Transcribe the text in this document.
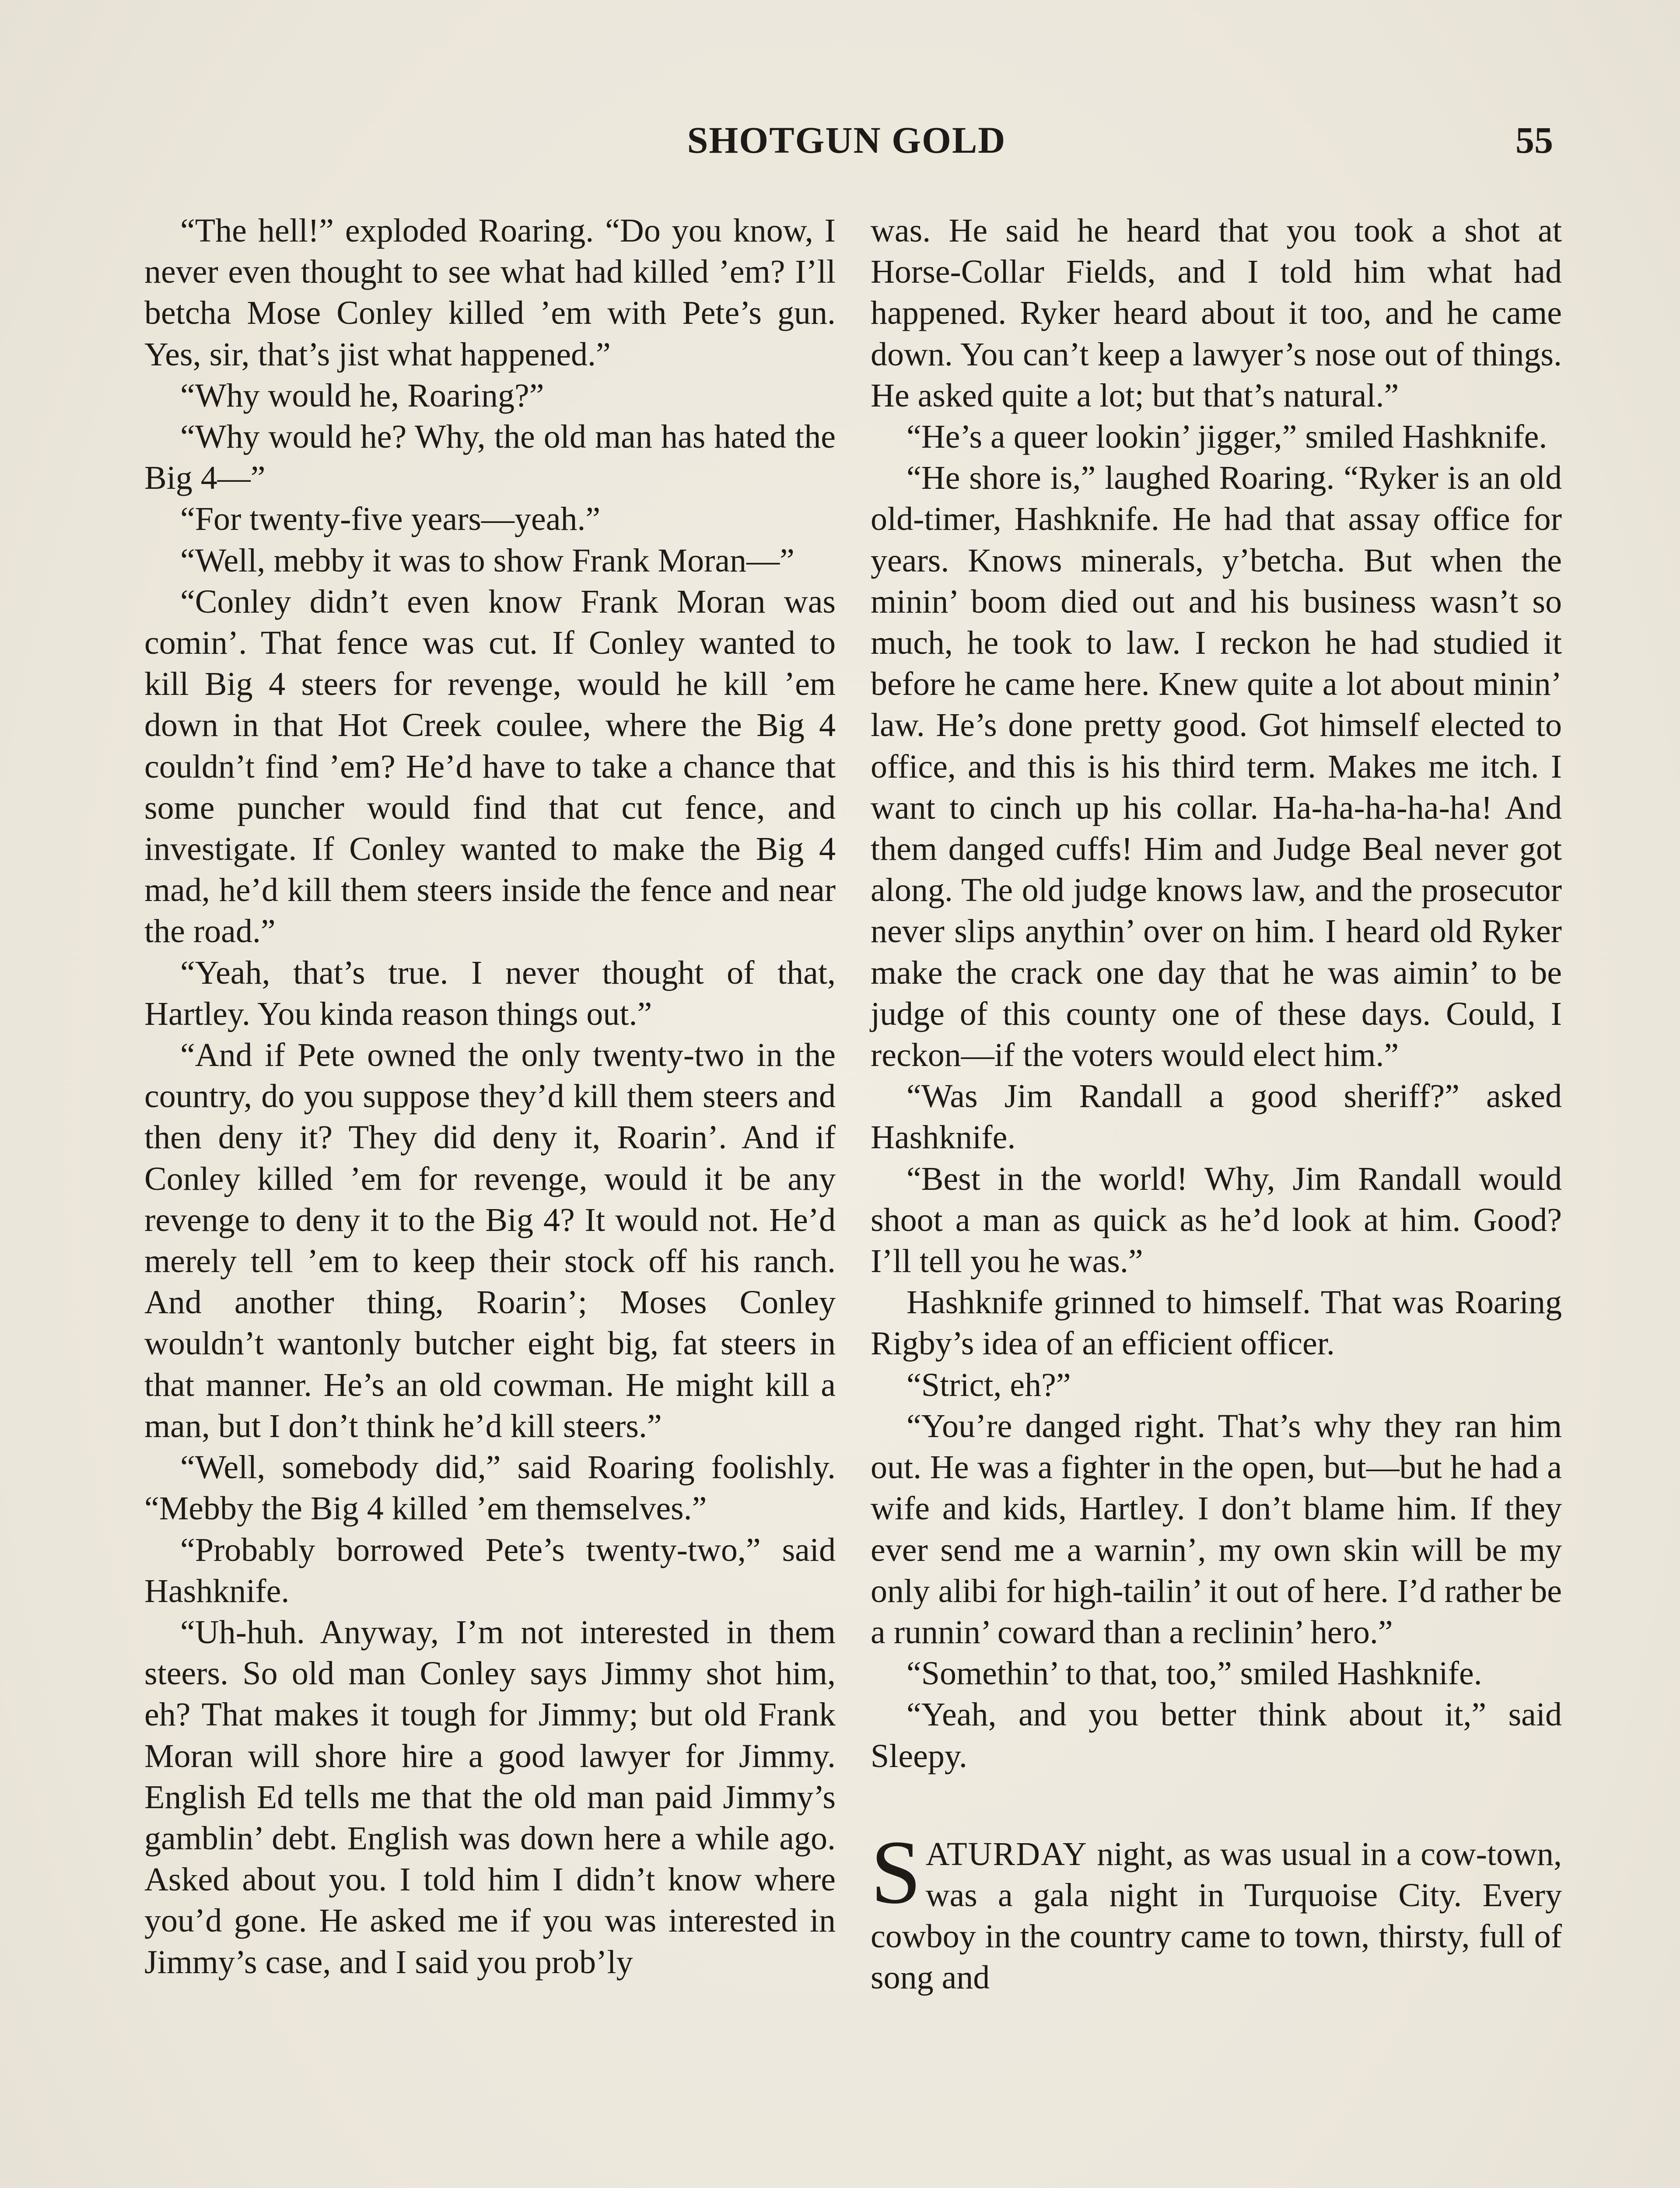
SHOTGUN GOLD	55

“The hell!” exploded Roaring. “Do you know, I never even thought to see what had killed ’em? I’ll betcha Mose Conley killed ’em with Pete’s gun. Yes, sir, that’s jist what happened.”

“Why would he, Roaring?”

“Why would he? Why, the old man has hated the Big 4—”

“For twenty-five years—yeah.”

“Well, mebby it was to show Frank Moran—”

“Conley didn’t even know Frank Moran was comin’. That fence was cut. If Conley wanted to kill Big 4 steers for revenge, would he kill ’em down in that Hot Creek coulee, where the Big 4 couldn’t find ’em? He’d have to take a chance that some puncher would find that cut fence, and investigate. If Conley wanted to make the Big 4 mad, he’d kill them steers inside the fence and near the road.”

“Yeah, that’s true. I never thought of that, Hartley. You kinda reason things out.”

“And if Pete owned the only twenty-two in the country, do you suppose they’d kill them steers and then deny it? They did deny it, Roarin’. And if Conley killed ’em for revenge, would it be any revenge to deny it to the Big 4? It would not. He’d merely tell ’em to keep their stock off his ranch. And another thing, Roarin’; Moses Conley wouldn’t wantonly butcher eight big, fat steers in that manner. He’s an old cowman. He might kill a man, but I don’t think he’d kill steers.”

“Well, somebody did,” said Roaring foolishly. “Mebby the Big 4 killed ’em themselves.”

“Probably borrowed Pete’s twenty-two,” said Hashknife.

“Uh-huh. Anyway, I’m not interested in them steers. So old man Conley says Jimmy shot him, eh? That makes it tough for Jimmy; but old Frank Moran will shore hire a good lawyer for Jimmy. English Ed tells me that the old man paid Jimmy’s gamblin’ debt. English was down here a while ago. Asked about you. I told him I didn’t know where you’d gone. He asked me if you was interested in Jimmy’s case, and I said you prob’ly

was. He said he heard that you took a shot at Horse-Collar Fields, and I told him what had happened. Ryker heard about it too, and he came down. You can’t keep a lawyer’s nose out of things. He asked quite a lot; but that’s natural.”

“He’s a queer lookin’ jigger,” smiled Hashknife.

“He shore is,” laughed Roaring. “Ryker is an old old-timer, Hashknife. He had that assay office for years. Knows minerals, y’betcha. But when the minin’ boom died out and his business wasn’t so much, he took to law. I reckon he had studied it before he came here. Knew quite a lot about minin’ law. He’s done pretty good. Got himself elected to office, and this is his third term. Makes me itch. I want to cinch up his collar. Ha-ha-ha-ha-ha! And them danged cuffs! Him and Judge Beal never got along. The old judge knows law, and the prosecutor never slips anythin’ over on him. I heard old Ryker make the crack one day that he was aimin’ to be judge of this county one of these days. Could, I reckon—if the voters would elect him.”

“Was Jim Randall a good sheriff?” asked Hashknife.

“Best in the world! Why, Jim Randall would shoot a man as quick as he’d look at him. Good? I’ll tell you he was.”

Hashknife grinned to himself. That was Roaring Rigby’s idea of an efficient officer.

“Strict, eh?”

“You’re danged right. That’s why they ran him out. He was a fighter in the open, but—but he had a wife and kids, Hartley. I don’t blame him. If they ever send me a warnin’, my own skin will be my only alibi for high-tailin’ it out of here. I’d rather be a runnin’ coward than a reclinin’ hero.”

“Somethin’ to that, too,” smiled Hashknife.

“Yeah, and you better think about it,” said Sleepy.

SATURDAY night, as was usual in a cow-town, was a gala night in Turquoise City. Every cowboy in the country came to town, thirsty, full of song and
